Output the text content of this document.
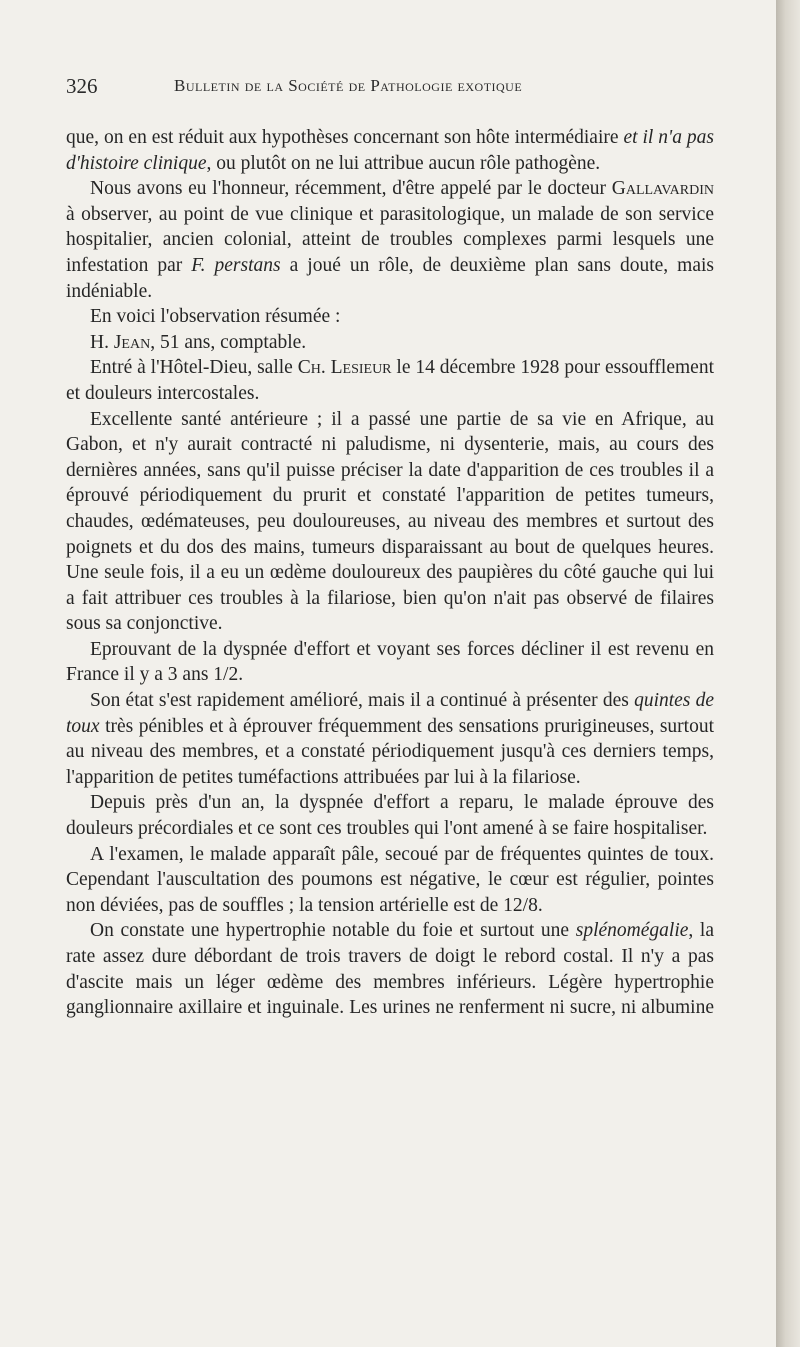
326	Bulletin de la Société de Pathologie exotique

que, on en est réduit aux hypothèses concernant son hôte intermédiaire et il n'a pas d'histoire clinique, ou plutôt on ne lui attribue aucun rôle pathogène.

Nous avons eu l'honneur, récemment, d'être appelé par le docteur Gallavardin à observer, au point de vue clinique et parasitologique, un malade de son service hospitalier, ancien colonial, atteint de troubles complexes parmi lesquels une infestation par F. perstans a joué un rôle, de deuxième plan sans doute, mais indéniable.

En voici l'observation résumée :

H. Jean, 51 ans, comptable.

Entré à l'Hôtel-Dieu, salle Ch. Lesieur le 14 décembre 1928 pour essoufflement et douleurs intercostales.

Excellente santé antérieure ; il a passé une partie de sa vie en Afrique, au Gabon, et n'y aurait contracté ni paludisme, ni dysenterie, mais, au cours des dernières années, sans qu'il puisse préciser la date d'apparition de ces troubles il a éprouvé périodiquement du prurit et constaté l'apparition de petites tumeurs, chaudes, œdémateuses, peu douloureuses, au niveau des membres et surtout des poignets et du dos des mains, tumeurs disparaissant au bout de quelques heures. Une seule fois, il a eu un œdème douloureux des paupières du côté gauche qui lui a fait attribuer ces troubles à la filariose, bien qu'on n'ait pas observé de filaires sous sa conjonctive.

Eprouvant de la dyspnée d'effort et voyant ses forces décliner il est revenu en France il y a 3 ans 1/2.

Son état s'est rapidement amélioré, mais il a continué à présenter des quintes de toux très pénibles et à éprouver fréquemment des sensations prurigineuses, surtout au niveau des membres, et a constaté périodiquement jusqu'à ces derniers temps, l'apparition de petites tuméfactions attribuées par lui à la filariose.

Depuis près d'un an, la dyspnée d'effort a reparu, le malade éprouve des douleurs précordiales et ce sont ces troubles qui l'ont amené à se faire hospitaliser.

A l'examen, le malade apparaît pâle, secoué par de fréquentes quintes de toux. Cependant l'auscultation des poumons est négative, le cœur est régulier, pointes non déviées, pas de souffles ; la tension artérielle est de 12/8.

On constate une hypertrophie notable du foie et surtout une splénomégalie, la rate assez dure débordant de trois travers de doigt le rebord costal. Il n'y a pas d'ascite mais un léger œdème des membres inférieurs. Légère hypertrophie ganglionnaire axillaire et inguinale. Les urines ne renferment ni sucre, ni albumine
